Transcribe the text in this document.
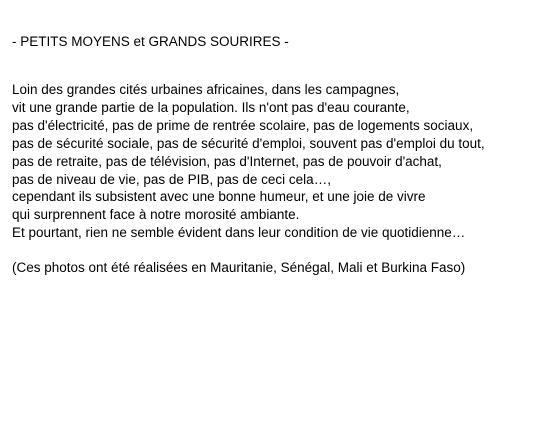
- PETITS MOYENS et GRANDS SOURIRES -
Loin des grandes cités urbaines africaines, dans les campagnes,
vit une grande partie de la population. Ils n'ont pas d'eau courante,
pas d'électricité, pas de prime de rentrée scolaire, pas de logements sociaux,
pas de sécurité sociale, pas de sécurité d'emploi, souvent pas d'emploi du tout,
pas de retraite, pas de télévision, pas d'Internet, pas de pouvoir d'achat,
pas de niveau de vie, pas de PIB, pas de ceci cela…,
cependant ils subsistent avec une bonne humeur, et une joie de vivre
qui surprennent face à notre morosité ambiante.
Et pourtant, rien ne semble évident dans leur condition de vie quotidienne…
(Ces photos ont été réalisées en Mauritanie, Sénégal, Mali et Burkina Faso)
